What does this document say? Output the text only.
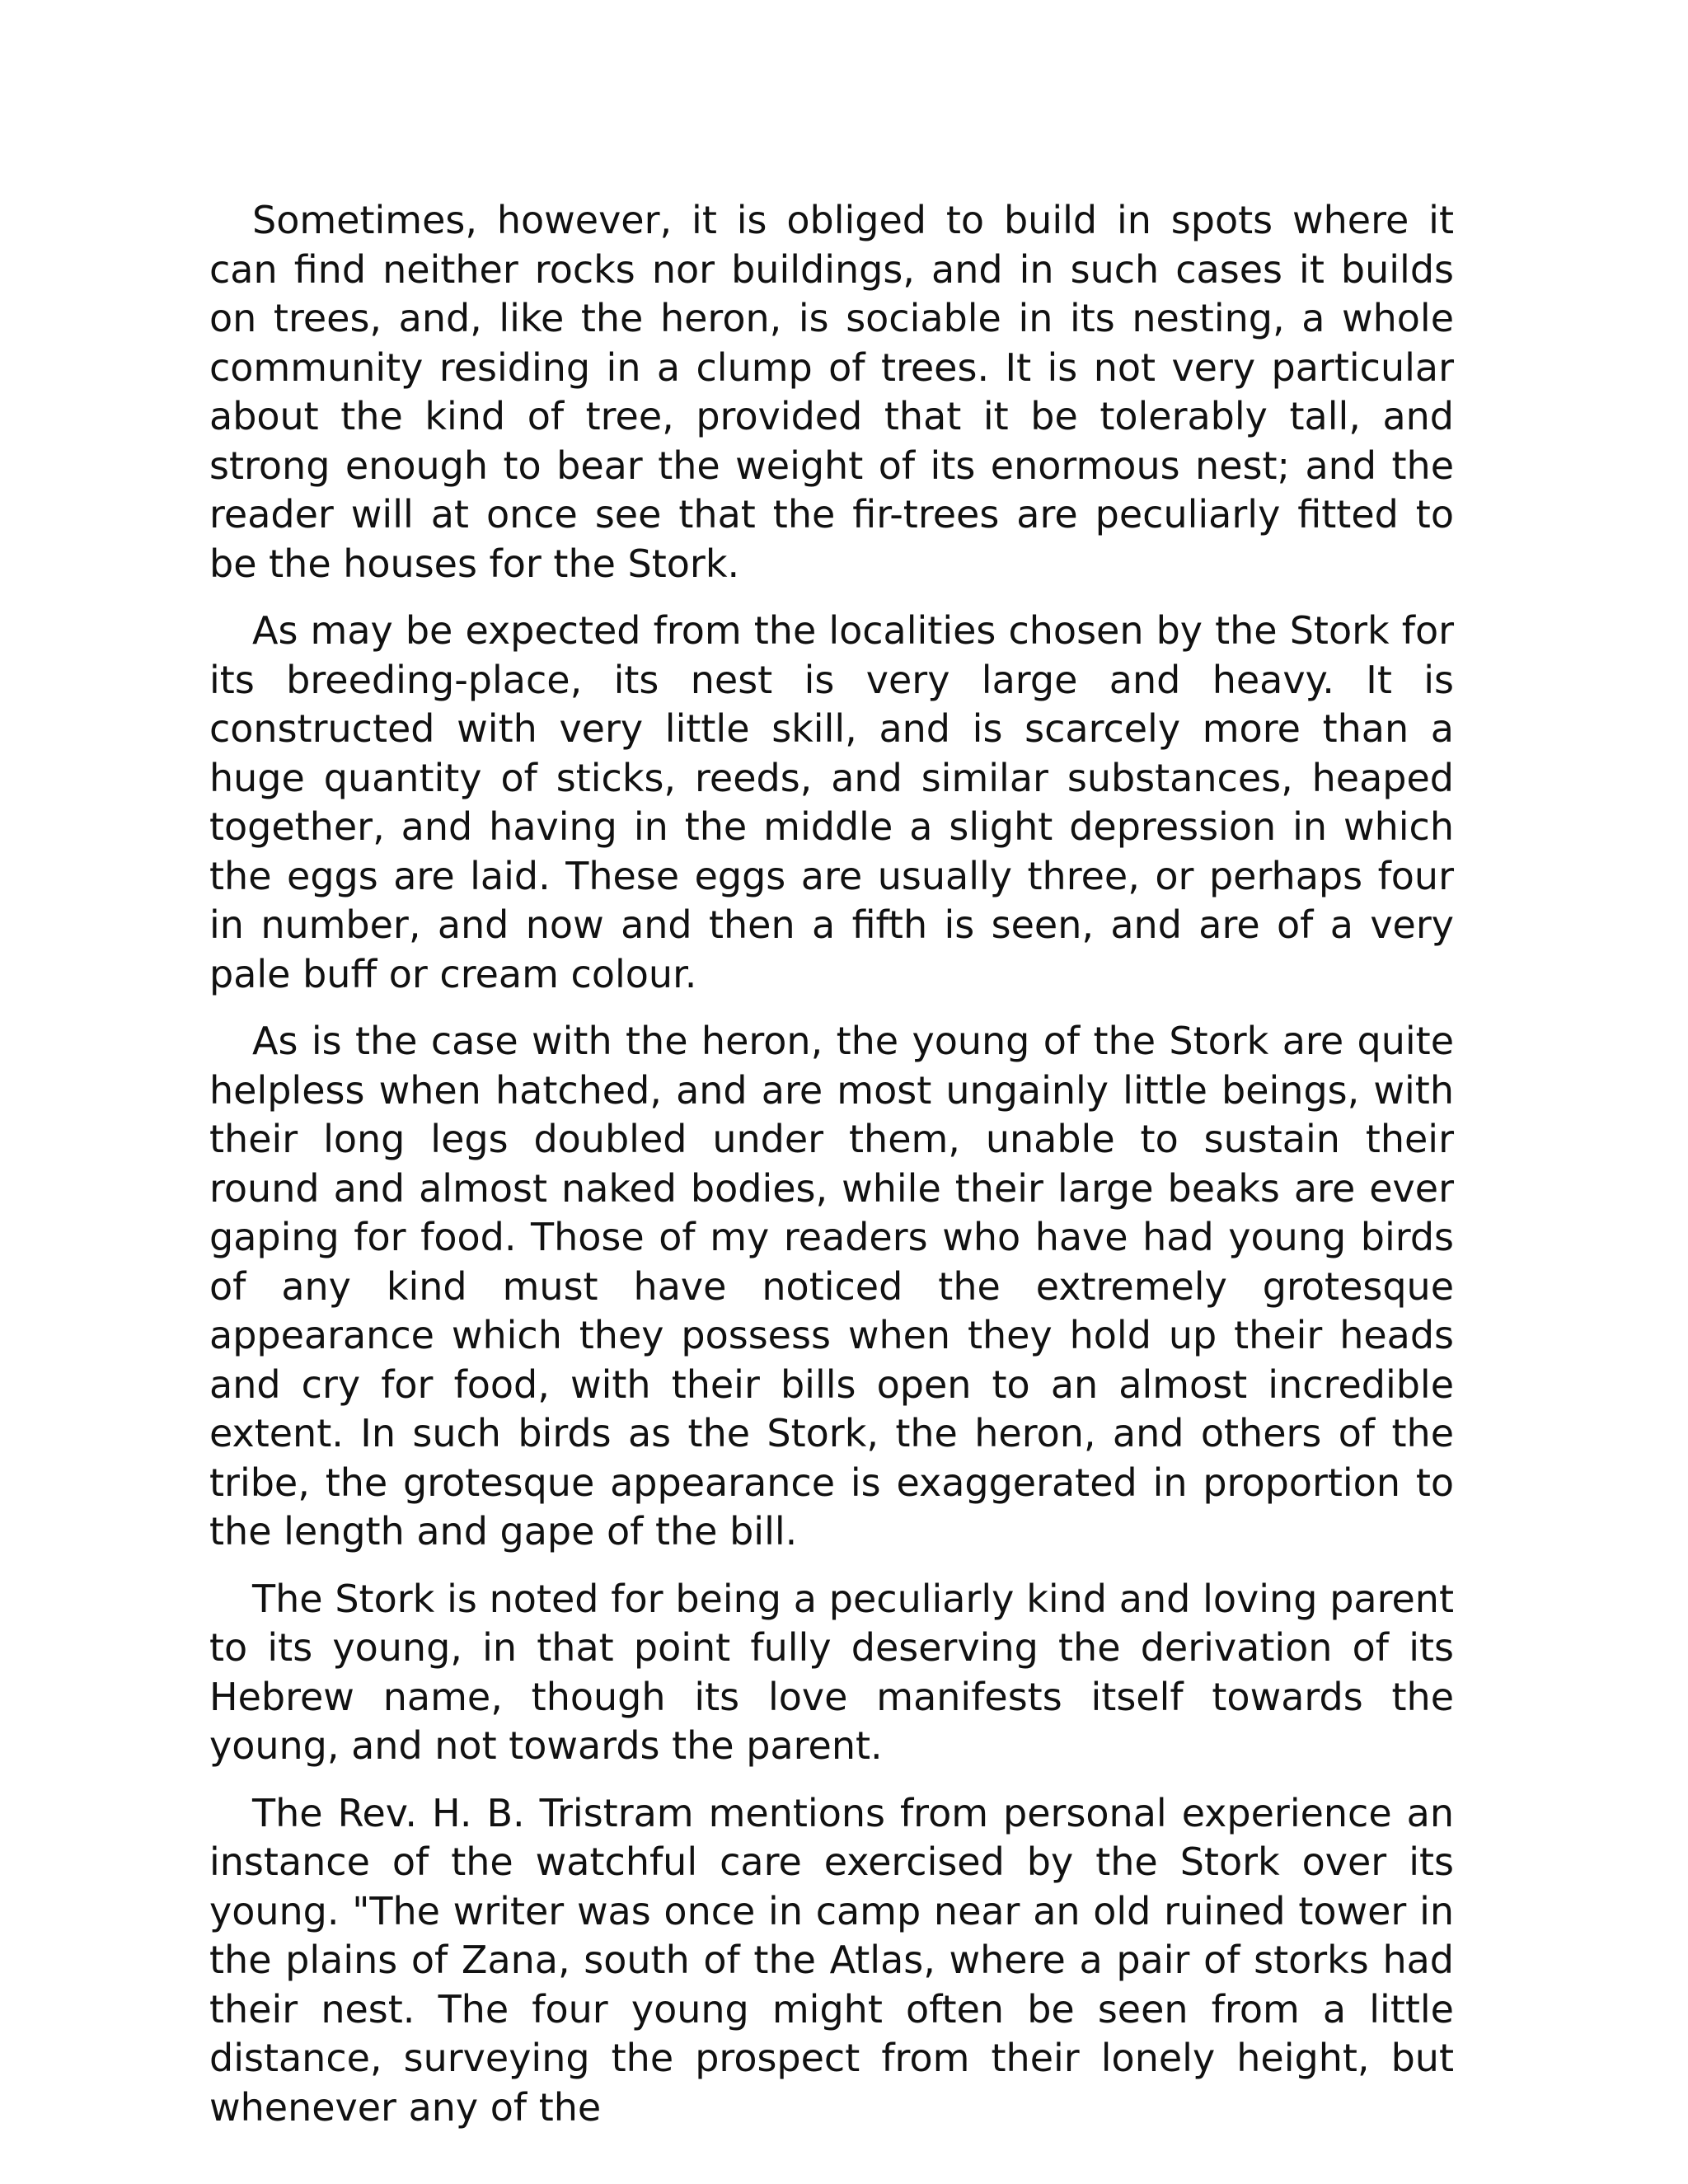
Sometimes, however, it is obliged to build in spots where it can find neither rocks nor buildings, and in such cases it builds on trees, and, like the heron, is sociable in its nesting, a whole community residing in a clump of trees. It is not very particular about the kind of tree, provided that it be tolerably tall, and strong enough to bear the weight of its enormous nest; and the reader will at once see that the fir-trees are peculiarly fitted to be the houses for the Stork.

As may be expected from the localities chosen by the Stork for its breeding-place, its nest is very large and heavy. It is constructed with very little skill, and is scarcely more than a huge quantity of sticks, reeds, and similar substances, heaped together, and having in the middle a slight depression in which the eggs are laid. These eggs are usually three, or perhaps four in number, and now and then a fifth is seen, and are of a very pale buff or cream colour.

As is the case with the heron, the young of the Stork are quite helpless when hatched, and are most ungainly little beings, with their long legs doubled under them, unable to sustain their round and almost naked bodies, while their large beaks are ever gaping for food. Those of my readers who have had young birds of any kind must have noticed the extremely grotesque appearance which they possess when they hold up their heads and cry for food, with their bills open to an almost incredible extent. In such birds as the Stork, the heron, and others of the tribe, the grotesque appearance is exaggerated in proportion to the length and gape of the bill.

The Stork is noted for being a peculiarly kind and loving parent to its young, in that point fully deserving the derivation of its Hebrew name, though its love manifests itself towards the young, and not towards the parent.

The Rev. H. B. Tristram mentions from personal experience an instance of the watchful care exercised by the Stork over its young. "The writer was once in camp near an old ruined tower in the plains of Zana, south of the Atlas, where a pair of storks had their nest. The four young might often be seen from a little distance, surveying the prospect from their lonely height, but whenever any of the
